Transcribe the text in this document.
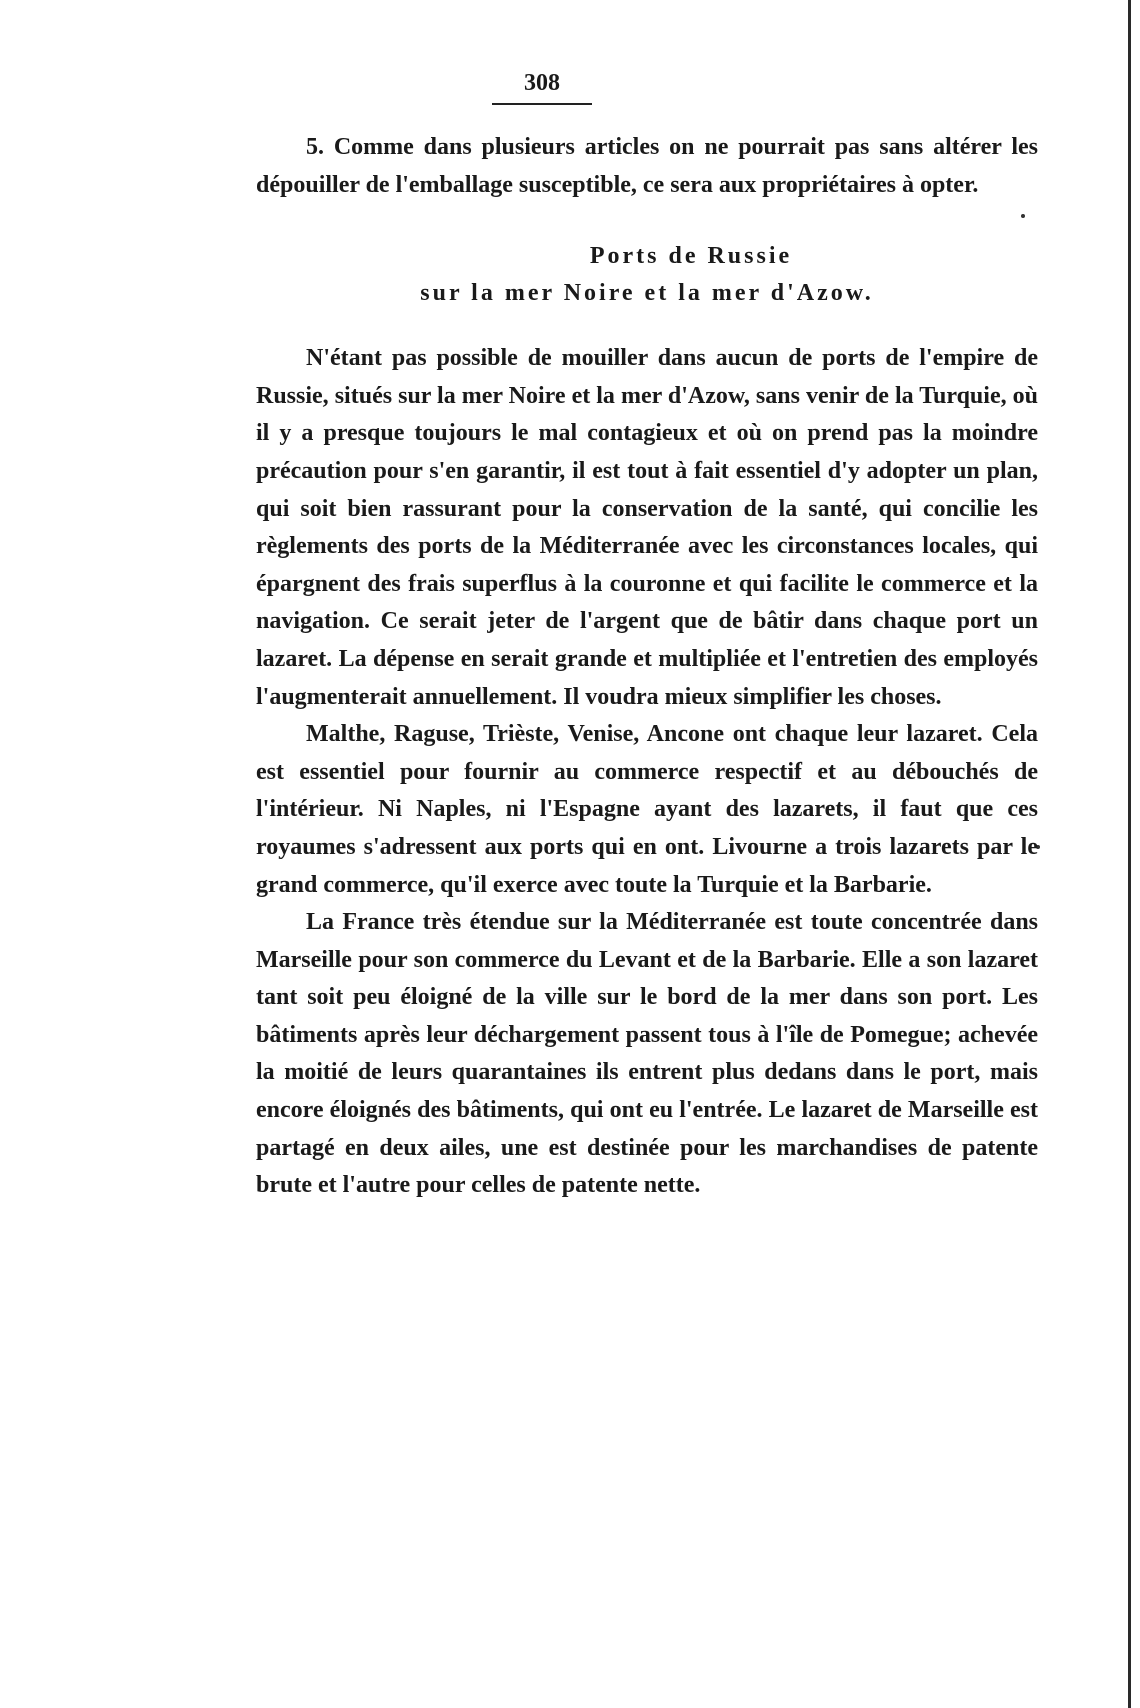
308

5. Comme dans plusieurs articles on ne pourrait pas sans altérer les dépouiller de l'emballage susceptible, ce sera aux propriétaires à opter.

Ports de Russie
sur la mer Noire et la mer d'Azow.

N'étant pas possible de mouiller dans aucun de ports de l'empire de Russie, situés sur la mer Noire et la mer d'Azow, sans venir de la Turquie, où il y a presque toujours le mal contagieux et où on prend pas la moindre précaution pour s'en garantir, il est tout à fait essentiel d'y adopter un plan, qui soit bien rassurant pour la conservation de la santé, qui concilie les règlements des ports de la Méditerranée avec les circonstances locales, qui épargnent des frais superflus à la couronne et qui facilite le commerce et la navigation. Ce serait jeter de l'argent que de bâtir dans chaque port un lazaret. La dépense en serait grande et multipliée et l'entretien des employés l'augmenterait annuellement. Il voudra mieux simplifier les choses.

Malthe, Raguse, Trièste, Venise, Ancone ont chaque leur lazaret. Cela est essentiel pour fournir au commerce respectif et au débouchés de l'intérieur. Ni Naples, ni l'Espagne ayant des lazarets, il faut que ces royaumes s'adressent aux ports qui en ont. Livourne a trois lazarets par le grand commerce, qu'il exerce avec toute la Turquie et la Barbarie.

La France très étendue sur la Méditerranée est toute concentrée dans Marseille pour son commerce du Levant et de la Barbarie. Elle a son lazaret tant soit peu éloigné de la ville sur le bord de la mer dans son port. Les bâtiments après leur déchargement passent tous à l'île de Pomegue; achevée la moitié de leurs quarantaines ils entrent plus dedans dans le port, mais encore éloignés des bâtiments, qui ont eu l'entrée. Le lazaret de Marseille est partagé en deux ailes, une est destinée pour les marchandises de patente brute et l'autre pour celles de patente nette.
